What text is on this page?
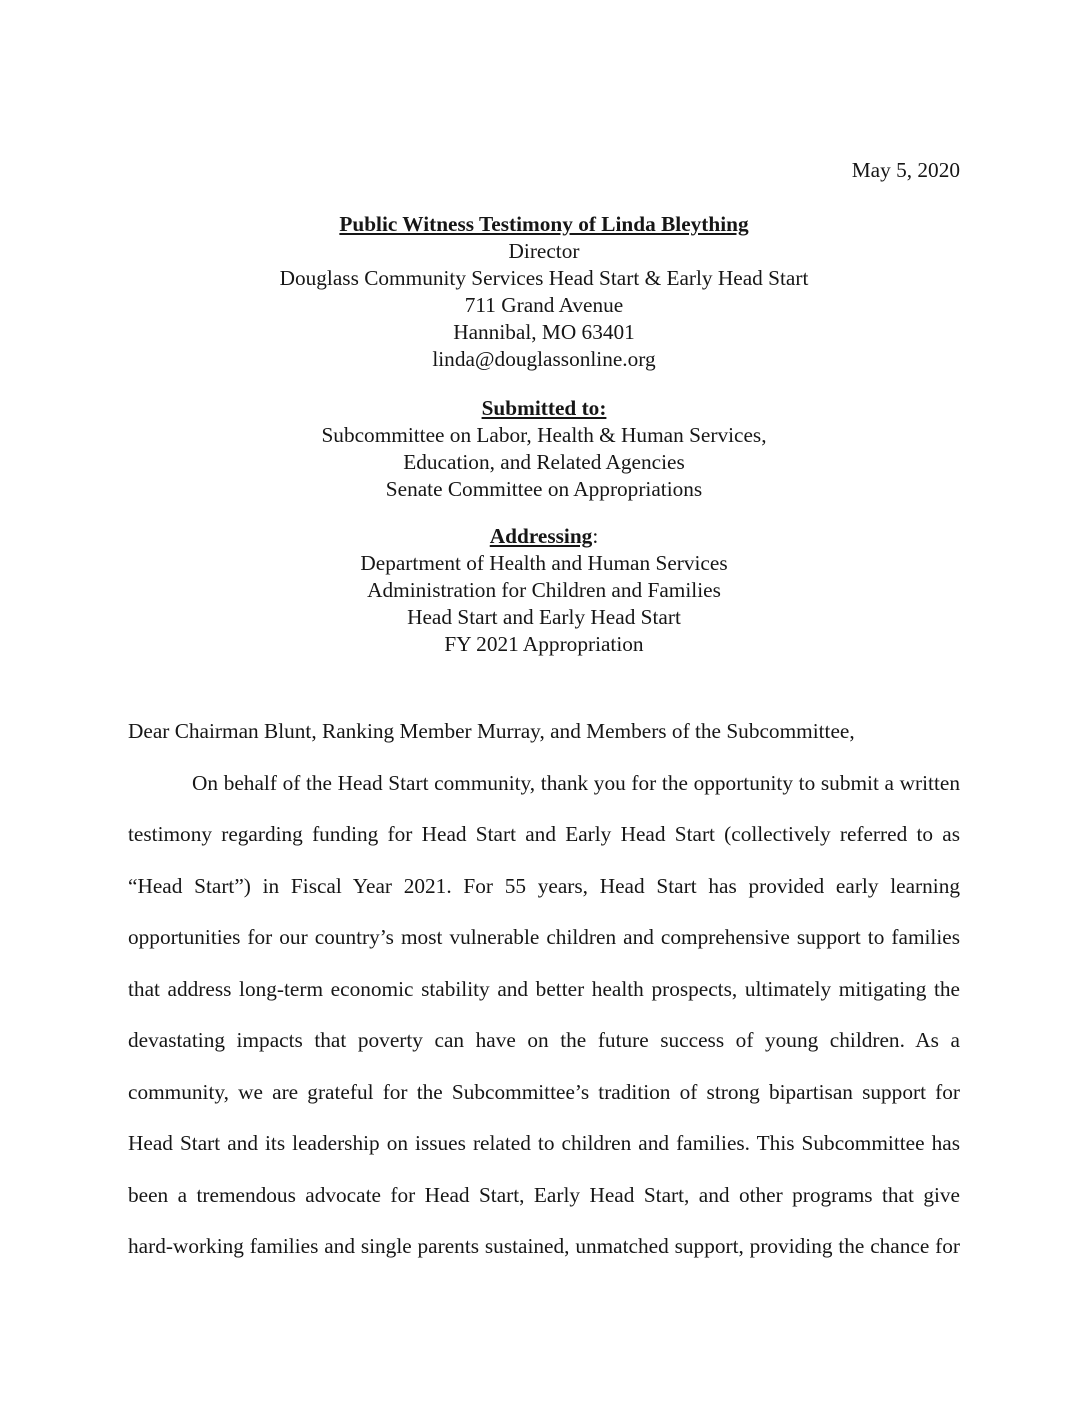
May 5, 2020
Public Witness Testimony of Linda Bleything
Director
Douglass Community Services Head Start & Early Head Start
711 Grand Avenue
Hannibal, MO 63401
linda@douglassonline.org
Submitted to:
Subcommittee on Labor, Health & Human Services,
Education, and Related Agencies
Senate Committee on Appropriations
Addressing:
Department of Health and Human Services
Administration for Children and Families
Head Start and Early Head Start
FY 2021 Appropriation
Dear Chairman Blunt, Ranking Member Murray, and Members of the Subcommittee,
On behalf of the Head Start community, thank you for the opportunity to submit a written
testimony regarding funding for Head Start and Early Head Start (collectively referred to as
“Head Start”) in Fiscal Year 2021. For 55 years, Head Start has provided early learning
opportunities for our country’s most vulnerable children and comprehensive support to families
that address long-term economic stability and better health prospects, ultimately mitigating the
devastating impacts that poverty can have on the future success of young children. As a
community, we are grateful for the Subcommittee’s tradition of strong bipartisan support for
Head Start and its leadership on issues related to children and families. This Subcommittee has
been a tremendous advocate for Head Start, Early Head Start, and other programs that give
hard-working families and single parents sustained, unmatched support, providing the chance for
